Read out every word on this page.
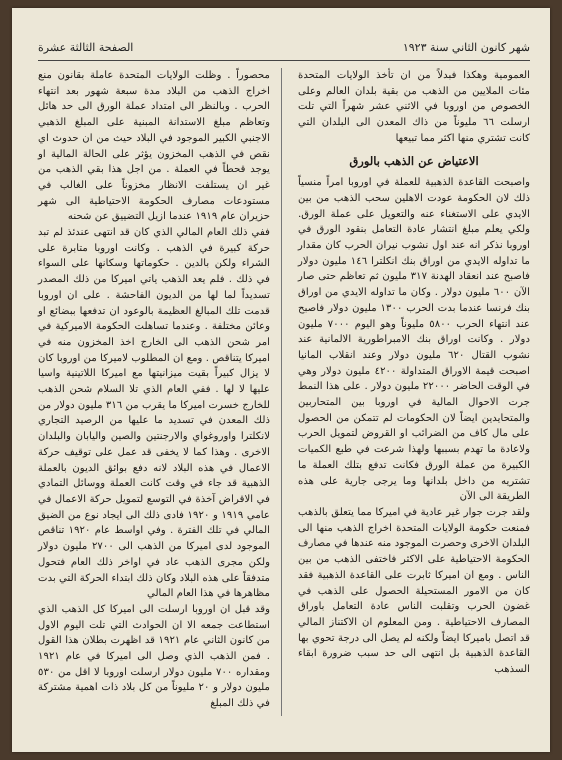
شهر كانون الثاني سنة ١٩٢٣
الصفحة الثالثة عشرة

العمومية وهكذا فبدلاً من ان تأخذ الولايات المتحدة مئات الملايين من الذهب من بقية بلدان العالم وعلى الخصوص من اوروبا في الاثني عشر شهراً التي تلت ارسلت ٦٦ مليوناً من ذاك المعدن الى البلدان التي كانت تشتري منها اكثر مما تبيعها

الاعتياض عن الذهب بالورق

واصبحت القاعدة الذهبية للعملة في اوروبا امراً منسياً ذلك لان الحكومة عودت الاهلين سحب الذهب من بين الايدي على الاستغناء عنه والتعويل على عملة الورق. ولكي يعلم مبلغ انتشار عادة التعامل بنقود الورق في اوروبا نذكر انه عند اول نشوب نيران الحرب كان مقدار ما تداوله الايدي من اوراق بنك انكلترا ١٤٦ مليون دولار فاصبح عند انعقاد الهدنة ٣١٧ مليون ثم تعاظم حتى صار الآن ٦٠٠ مليون دولار . وكان ما تداوله الايدي من اوراق بنك فرنسا عندما بدت الحرب ١٣٠٠ مليون دولار فاصبح عند انتهاء الحرب ٥٨٠٠ مليوناً وهو اليوم ٧٠٠٠ مليون دولار . وكانت اوراق بنك الامبراطورية الالمانية عند نشوب القتال ٦٢٠ مليون دولار وعند انقلاب المانيا اصبحت قيمة الاوراق المتداولة ٤٢٠٠ مليون دولار وهي في الوقت الحاضر ٢٢٠٠٠ مليون دولار . على هذا النمط جرت الاحوال المالية في اوروبا بين المتحاربين والمتحايدين ايضاً لان الحكومات لم تتمكن من الحصول على مال كاف من الضرائب او القروض لتمويل الحرب ولاعادة ما تهدم بسببها ولهذا شرعت في طبع الكميات الكبيرة من عملة الورق فكانت تدفع بتلك العملة ما تشتريه من داخل بلدانها وما يرجى جارية على هذه الطريقة الى الآن

ولقد جرت جوار غير عادية في اميركا مما يتعلق بالذهب فمنعت حكومة الولايات المتحدة اخراج الذهب منها الى البلدان الاخرى وحصرت الموجود منه عندها في مصارف الحكومة الاحتياطية على الاكثر فاختفى الذهب من بين الناس . ومع ان اميركا ثابرت على القاعدة الذهبية فقد كان من الامور المستحيلة الحصول على الذهب في غضون الحرب وتقلبت الناس عادة التعامل باوراق المصارف الاحتياطية . ومن المعلوم ان الاكتناز المالي قد اتصل باميركا ايضاً ولكنه لم يصل الى درجة تحوي بها القاعدة الذهبية بل انتهى الى حد سبب ضرورة ابقاء السذهب

محصوراً . وظلت الولايات المتحدة عاملة بقانون منع اخراج الذهب من البلاد مدة سبعة شهور بعد انتهاء الحرب . وبالنظر الى امتداد عملة الورق الى حد هائل وتعاظم مبلغ الاستدانة المبنية على المبلغ الذهبي الاجنبي الكبير الموجود في البلاد حيث من ان حدوث اي نقص في الذهب المخزون يؤثر على الحالة المالية او يوجد قحطاً في العملة . من اجل هذا بقي الذهب من غير ان يستلفت الانظار مخزوناً على الغالب في مستودعات مصارف الحكومة الاحتياطية الى شهر حزيران عام ١٩١٩ عندما ازيل التضييق عن شحنه

ففي ذلك العام المالي الذي كان قد انتهى عندئذ لم تبد حركة كبيرة في الذهب . وكانت اوروبا متابرة على الشراء ولكن بالدين . حكوماتها وسكانها على السواء في ذلك . فلم يعد الذهب ياتي اميركا من ذلك المصدر تسديداً لما لها من الديون الفاحشة . على ان اوروبا قدمت تلك المبالغ العظيمة بالوعود ان تدفعها ببضائع او وعائن مختلفة . وعندما تساهلت الحكومة الاميركية في امر شحن الذهب الى الخارج اخذ المخزون منه في اميركا يتناقص . ومع ان المطلوب لاميركا من اوروبا كان لا يزال كبيراً بقيت ميزانيتها مع اميركا اللاتينية واسيا عليها لا لها . ففي العام الذي تلا السلام شحن الذهب للخارج خسرت اميركا ما يقرب من ٣١٦ مليون دولار من ذلك المعدن في تسديد ما عليها من الرصيد التجاري لانكلترا واوروغواي والارجنتين والصين واليابان والبلدان الاخرى . وهذا كما لا يخفى قد عمل على توقيف حركة الاعمال في هذه البلاد لانه دفع بوائق الديون بالعملة الذهبية قد جاء في وقت كانت العملة ووسائل التمادي في الاقراض آخذة في التوسع لتمويل حركة الاعمال في عامي ١٩١٩ و ١٩٢٠ فادى ذلك الى ايجاد نوع من الضيق المالي في تلك الفترة . وفي اواسط عام ١٩٢٠ تناقص الموجود لدى اميركا من الذهب الى ٢٧٠٠ مليون دولار ولكن مجرى الذهب عاد في اواخر ذلك العام فتحول متدفقاً على هذه البلاد وكان ذلك ابتداء الحركة التي بدت مظاهرها في هذا العام المالي

وقد قبل ان اوروبا ارسلت الى اميركا كل الذهب الذي استطاعت جمعه الا ان الحوادث التي تلت اليوم الاول من كانون الثاني عام ١٩٢١ قد اظهرت بطلان هذا القول . فمن الذهب الذي وصل الى اميركا في عام ١٩٢١ ومقداره ٧٠٠ مليون دولار ارسلت اوروبا لا اقل من ٥٣٠ مليون دولار و ٢٠ مليوناً من كل بلاد ذات اهمية مشتركة في ذلك المبلغ
